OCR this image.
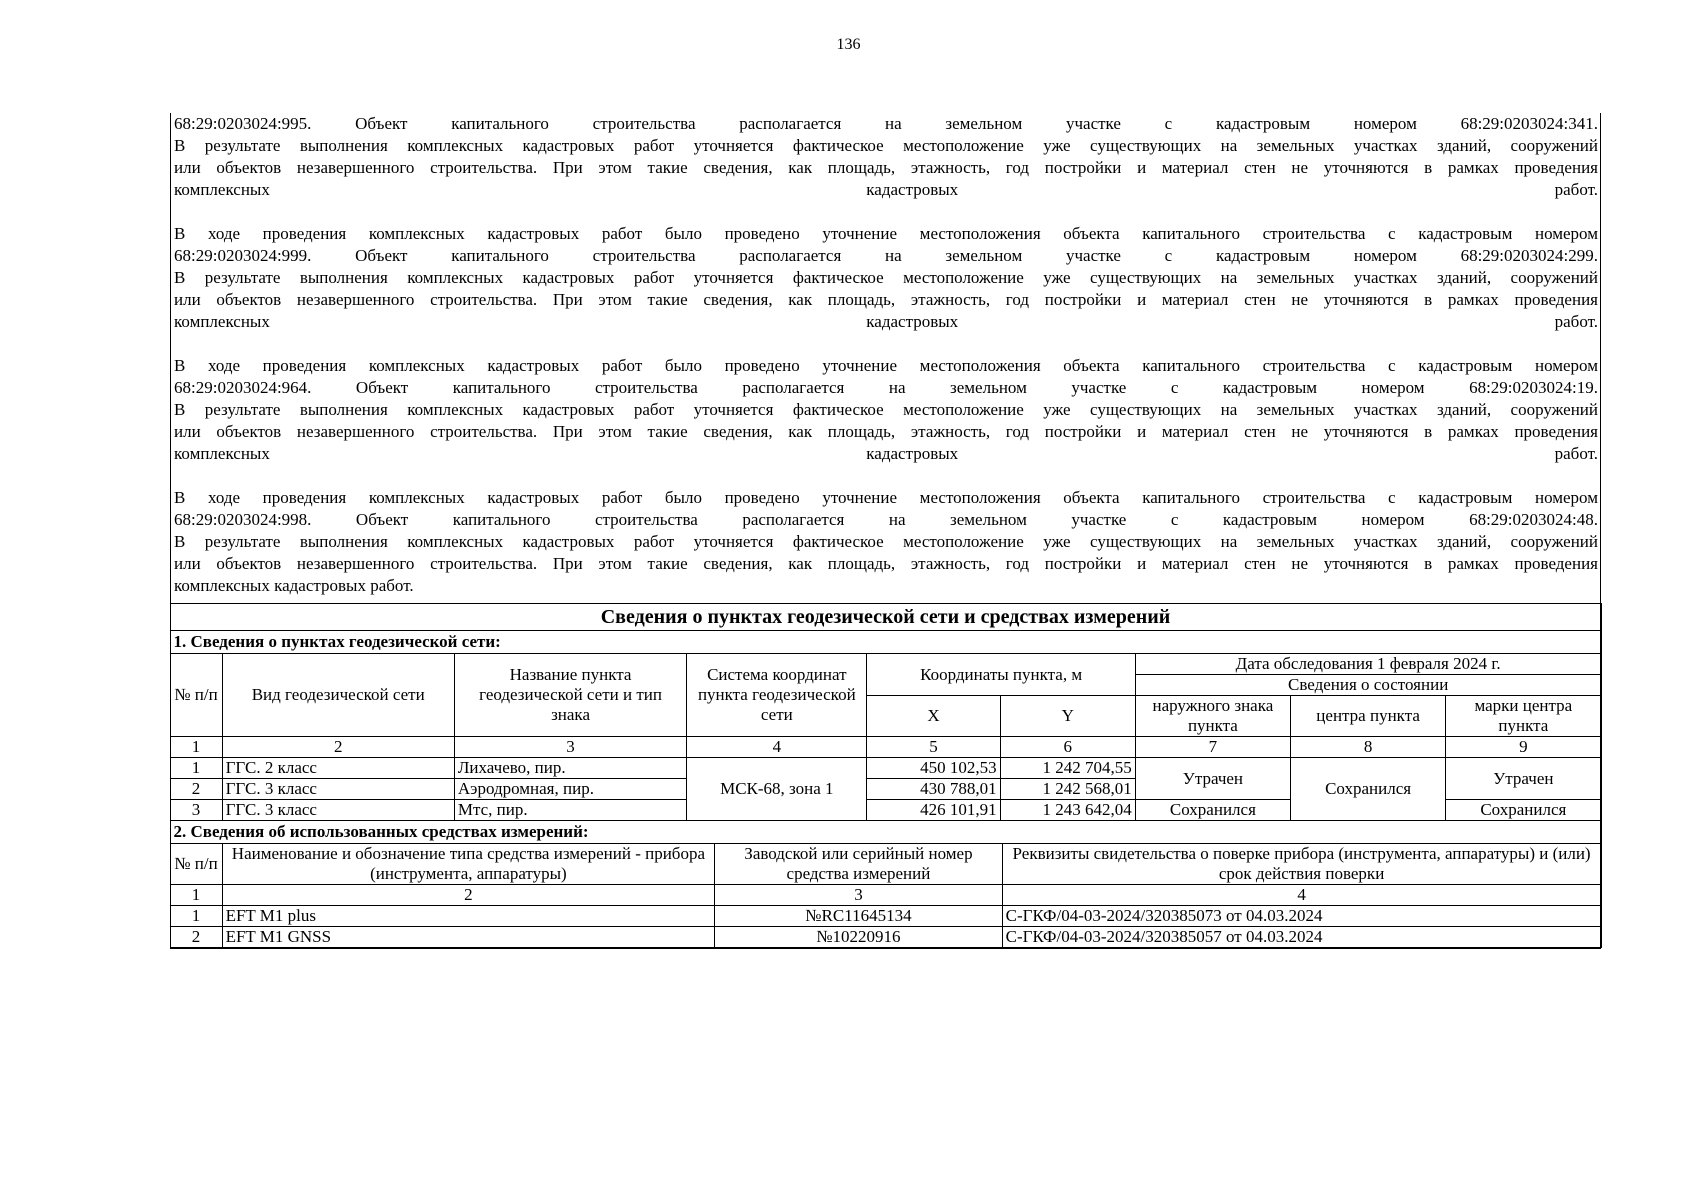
136

68:29:0203024:995. Объект капитального строительства располагается на земельном участке с кадастровым номером 68:29:0203024:341.
В результате выполнения комплексных кадастровых работ уточняется фактическое местоположение уже существующих на земельных участках зданий, сооружений
или объектов незавершенного строительства. При этом такие сведения, как площадь, этажность, год постройки и материал стен не уточняются в рамках проведения
комплексных кадастровых работ.

В ходе проведения комплексных кадастровых работ было проведено уточнение местоположения объекта капитального строительства с кадастровым номером
68:29:0203024:999. Объект капитального строительства располагается на земельном участке с кадастровым номером 68:29:0203024:299.
В результате выполнения комплексных кадастровых работ уточняется фактическое местоположение уже существующих на земельных участках зданий, сооружений
или объектов незавершенного строительства. При этом такие сведения, как площадь, этажность, год постройки и материал стен не уточняются в рамках проведения
комплексных кадастровых работ.

В ходе проведения комплексных кадастровых работ было проведено уточнение местоположения объекта капитального строительства с кадастровым номером
68:29:0203024:964. Объект капитального строительства располагается на земельном участке с кадастровым номером 68:29:0203024:19.
В результате выполнения комплексных кадастровых работ уточняется фактическое местоположение уже существующих на земельных участках зданий, сооружений
или объектов незавершенного строительства. При этом такие сведения, как площадь, этажность, год постройки и материал стен не уточняются в рамках проведения
комплексных кадастровых работ.

В ходе проведения комплексных кадастровых работ было проведено уточнение местоположения объекта капитального строительства с кадастровым номером
68:29:0203024:998. Объект капитального строительства располагается на земельном участке с кадастровым номером 68:29:0203024:48.
В результате выполнения комплексных кадастровых работ уточняется фактическое местоположение уже существующих на земельных участках зданий, сооружений
или объектов незавершенного строительства. При этом такие сведения, как площадь, этажность, год постройки и материал стен не уточняются в рамках проведения
комплексных кадастровых работ.

Сведения о пунктах геодезической сети и средствах измерений								
1. Сведения о пунктах геодезической сети:								
№ п/п	Вид геодезической сети	Название пункта геодезической сети и тип знака	Система координат пункта геодезической сети	Координаты пункта, м		Дата обследования 1 февраля 2024 г.		
						Сведения о состоянии		
				X	Y	наружного знака пункта	центра пункта	марки центра пункта
1	2	3	4	5	6	7	8	9
1	ГГС. 2 класс	Лихачево, пир.	МСК-68, зона 1	450 102,53	1 242 704,55	Утрачен	Сохранился	Утрачен
2	ГГС. 3 класс	Аэродромная, пир.		430 788,01	1 242 568,01			
3	ГГС. 3 класс	Мтс, пир.		426 101,91	1 243 642,04	Сохранился		Сохранился
2. Сведения об использованных средствах измерений:			
№ п/п	Наименование и обозначение типа средства измерений - прибора (инструмента, аппаратуры)	Заводской или серийный номер средства измерений	Реквизиты свидетельства о поверке прибора (инструмента, аппаратуры) и (или) срок действия поверки
1	2	3	4
1	EFT M1 plus	№RC11645134	С-ГКФ/04-03-2024/320385073 от 04.03.2024
2	EFT M1 GNSS	№10220916	С-ГКФ/04-03-2024/320385057 от 04.03.2024
